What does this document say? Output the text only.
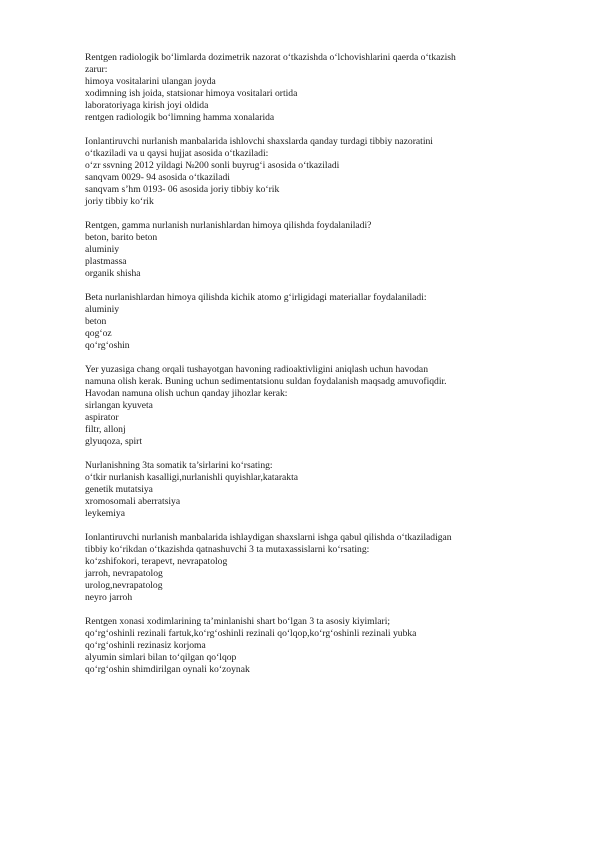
Rentgen radiologik bo‘limlarda dozimetrik nazorat o‘tkazishda o‘lchovishlarini qaerda o‘tkazish
zarur:
himoya vositalarini ulangan joyda
xodimning ish joida, statsionar himoya vositalari ortida
laboratoriyaga kirish joyi oldida
rentgen radiologik bo‘limning hamma xonalarida
Ionlantiruvchi nurlanish manbalarida ishlovchi shaxslarda qanday turdagi tibbiy nazoratini
o‘tkaziladi va u qaysi hujjat asosida o‘tkaziladi:
o‘zr ssvning 2012 yildagi №200 sonli buyrug‘i asosida o‘tkaziladi
sanqvam 0029- 94 asosida o‘tkaziladi
sanqvam s’hm 0193- 06 asosida joriy tibbiy ko‘rik
joriy tibbiy ko‘rik
Rentgen, gamma nurlanish nurlanishlardan himoya qilishda foydalaniladi?
beton, barito beton
aluminiy
plastmassa
organik shisha
Beta nurlanishlardan himoya qilishda kichik atomo g‘irligidagi materiallar foydalaniladi:
aluminiy
beton
qog‘oz
qo‘rg‘oshin
Yer yuzasiga chang orqali tushayotgan havoning radioaktivligini aniqlash uchun havodan
namuna olish kerak. Buning uchun sedimentatsionu suldan foydalanish maqsadg amuvofiqdir.
Havodan namuna olish uchun qanday jihozlar kerak:
sirlangan kyuveta
aspirator
filtr, allonj
glyuqoza, spirt
Nurlanishning 3ta somatik ta’sirlarini ko‘rsating:
o‘tkir nurlanish kasalligi,nurlanishli quyishlar,katarakta
genetik mutatsiya
xromosomali aberratsiya
leykemiya
Ionlantiruvchi nurlanish manbalarida ishlaydigan shaxslarni ishga qabul qilishda o‘tkaziladigan
tibbiy ko‘rikdan o‘tkazishda qatnashuvchi 3 ta mutaxassislarni ko‘rsating:
ko‘zshifokori, terapevt, nevrapatolog
jarroh, nevrapatolog
urolog,nevrapatolog
neyro jarroh
Rentgen xonasi xodimlarining ta’minlanishi shart bo‘lgan 3 ta asosiy kiyimlari;
qo‘rg‘oshinli rezinali fartuk,ko‘rg‘oshinli rezinali qo‘lqop,ko‘rg‘oshinli rezinali yubka
qo‘rg‘oshinli rezinasiz korjoma
alyumin simlari bilan to‘qilgan qo‘lqop
qo‘rg‘oshin shimdirilgan oynali ko‘zoynak
